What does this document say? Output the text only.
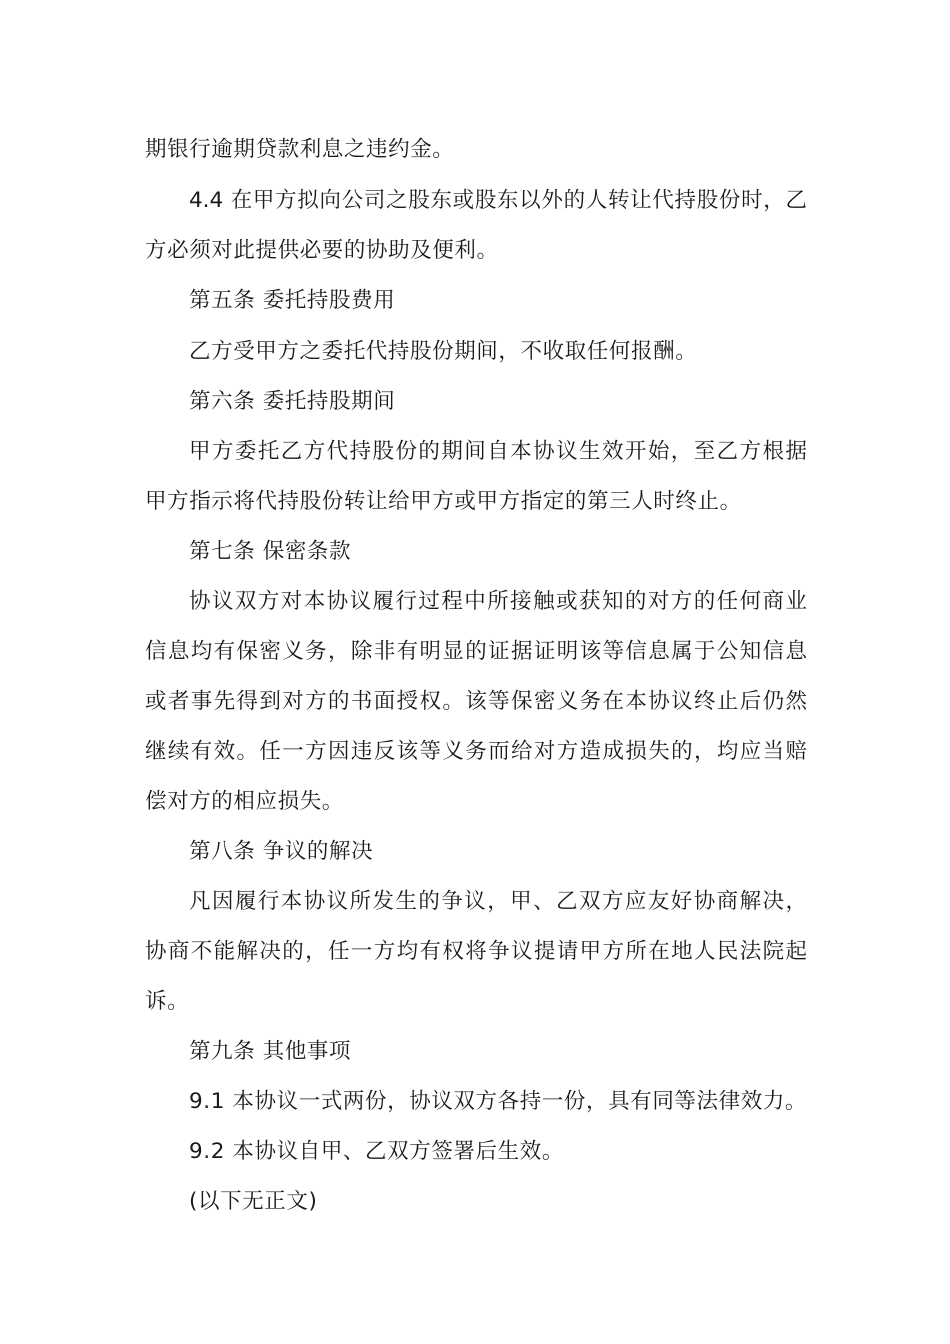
期银行逾期贷款利息之违约金。
4.4 在甲方拟向公司之股东或股东以外的人转让代持股份时，乙
方必须对此提供必要的协助及便利。
第五条 委托持股费用
乙方受甲方之委托代持股份期间，不收取任何报酬。
第六条 委托持股期间
甲方委托乙方代持股份的期间自本协议生效开始，至乙方根据
甲方指示将代持股份转让给甲方或甲方指定的第三人时终止。
第七条 保密条款
协议双方对本协议履行过程中所接触或获知的对方的任何商业
信息均有保密义务，除非有明显的证据证明该等信息属于公知信息
或者事先得到对方的书面授权。该等保密义务在本协议终止后仍然
继续有效。任一方因违反该等义务而给对方造成损失的，均应当赔
偿对方的相应损失。
第八条 争议的解决
凡因履行本协议所发生的争议，甲、乙双方应友好协商解决，
协商不能解决的，任一方均有权将争议提请甲方所在地人民法院起
诉。
第九条 其他事项
9.1 本协议一式两份，协议双方各持一份，具有同等法律效力。
9.2 本协议自甲、乙双方签署后生效。
(以下无正文)
